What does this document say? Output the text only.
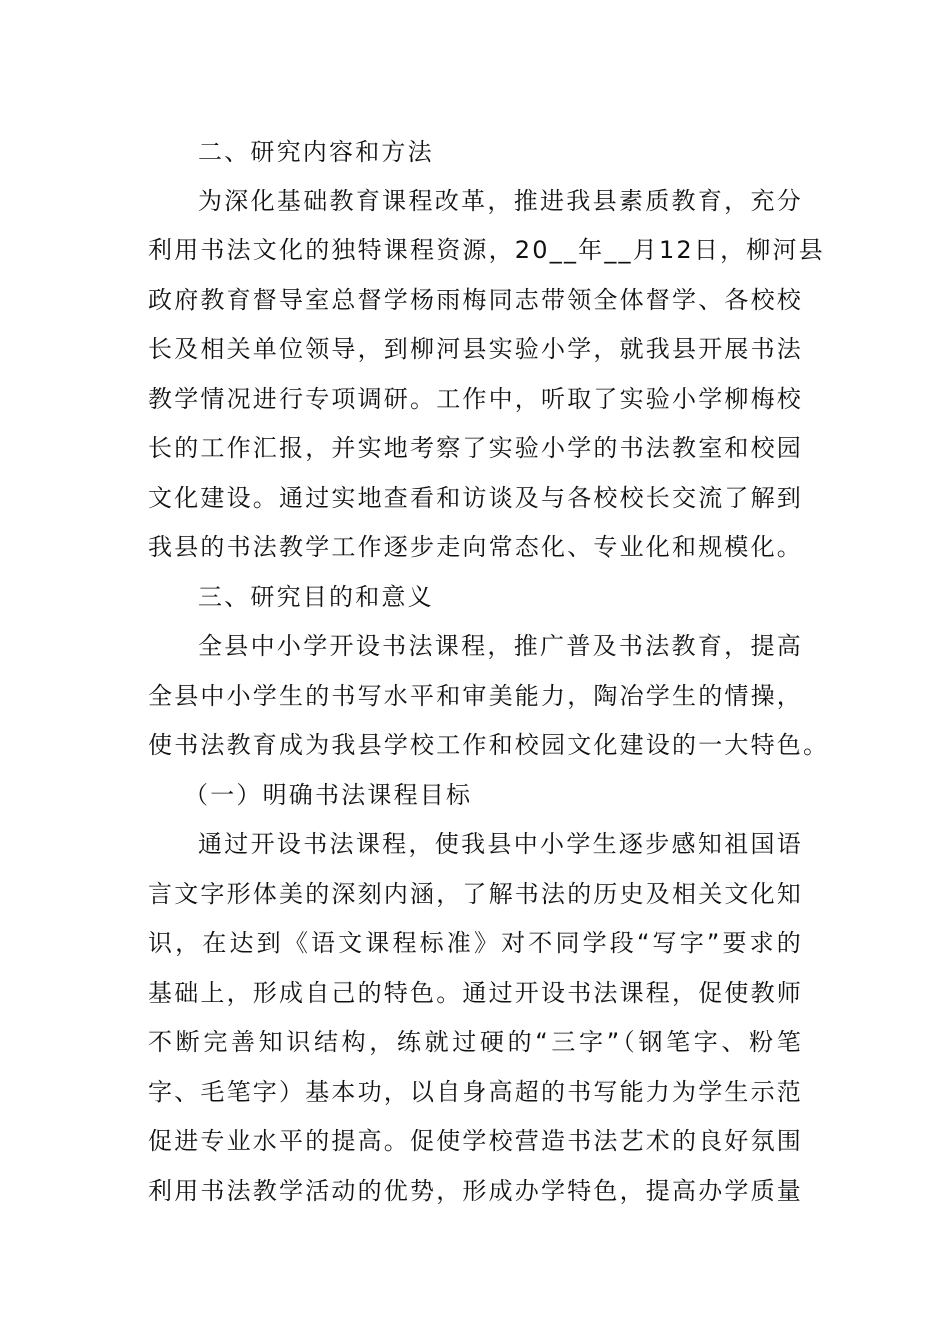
二、研究内容和方法
为深化基础教育课程改革，推进我县素质教育，充分
利用书法文化的独特课程资源，20__年__月12日，柳河县
政府教育督导室总督学杨雨梅同志带领全体督学、各校校
长及相关单位领导，到柳河县实验小学，就我县开展书法
教学情况进行专项调研。工作中，听取了实验小学柳梅校
长的工作汇报，并实地考察了实验小学的书法教室和校园
文化建设。通过实地查看和访谈及与各校校长交流了解到
我县的书法教学工作逐步走向常态化、专业化和规模化。
三、研究目的和意义
全县中小学开设书法课程，推广普及书法教育，提高
全县中小学生的书写水平和审美能力，陶冶学生的情操，
使书法教育成为我县学校工作和校园文化建设的一大特色。
（一）明确书法课程目标
通过开设书法课程，使我县中小学生逐步感知祖国语
言文字形体美的深刻内涵，了解书法的历史及相关文化知
识，在达到《语文课程标准》对不同学段“写字”要求的
基础上，形成自己的特色。通过开设书法课程，促使教师
不断完善知识结构，练就过硬的“三字”（钢笔字、粉笔
字、毛笔字）基本功，以自身高超的书写能力为学生示范
促进专业水平的提高。促使学校营造书法艺术的良好氛围
利用书法教学活动的优势，形成办学特色，提高办学质量
